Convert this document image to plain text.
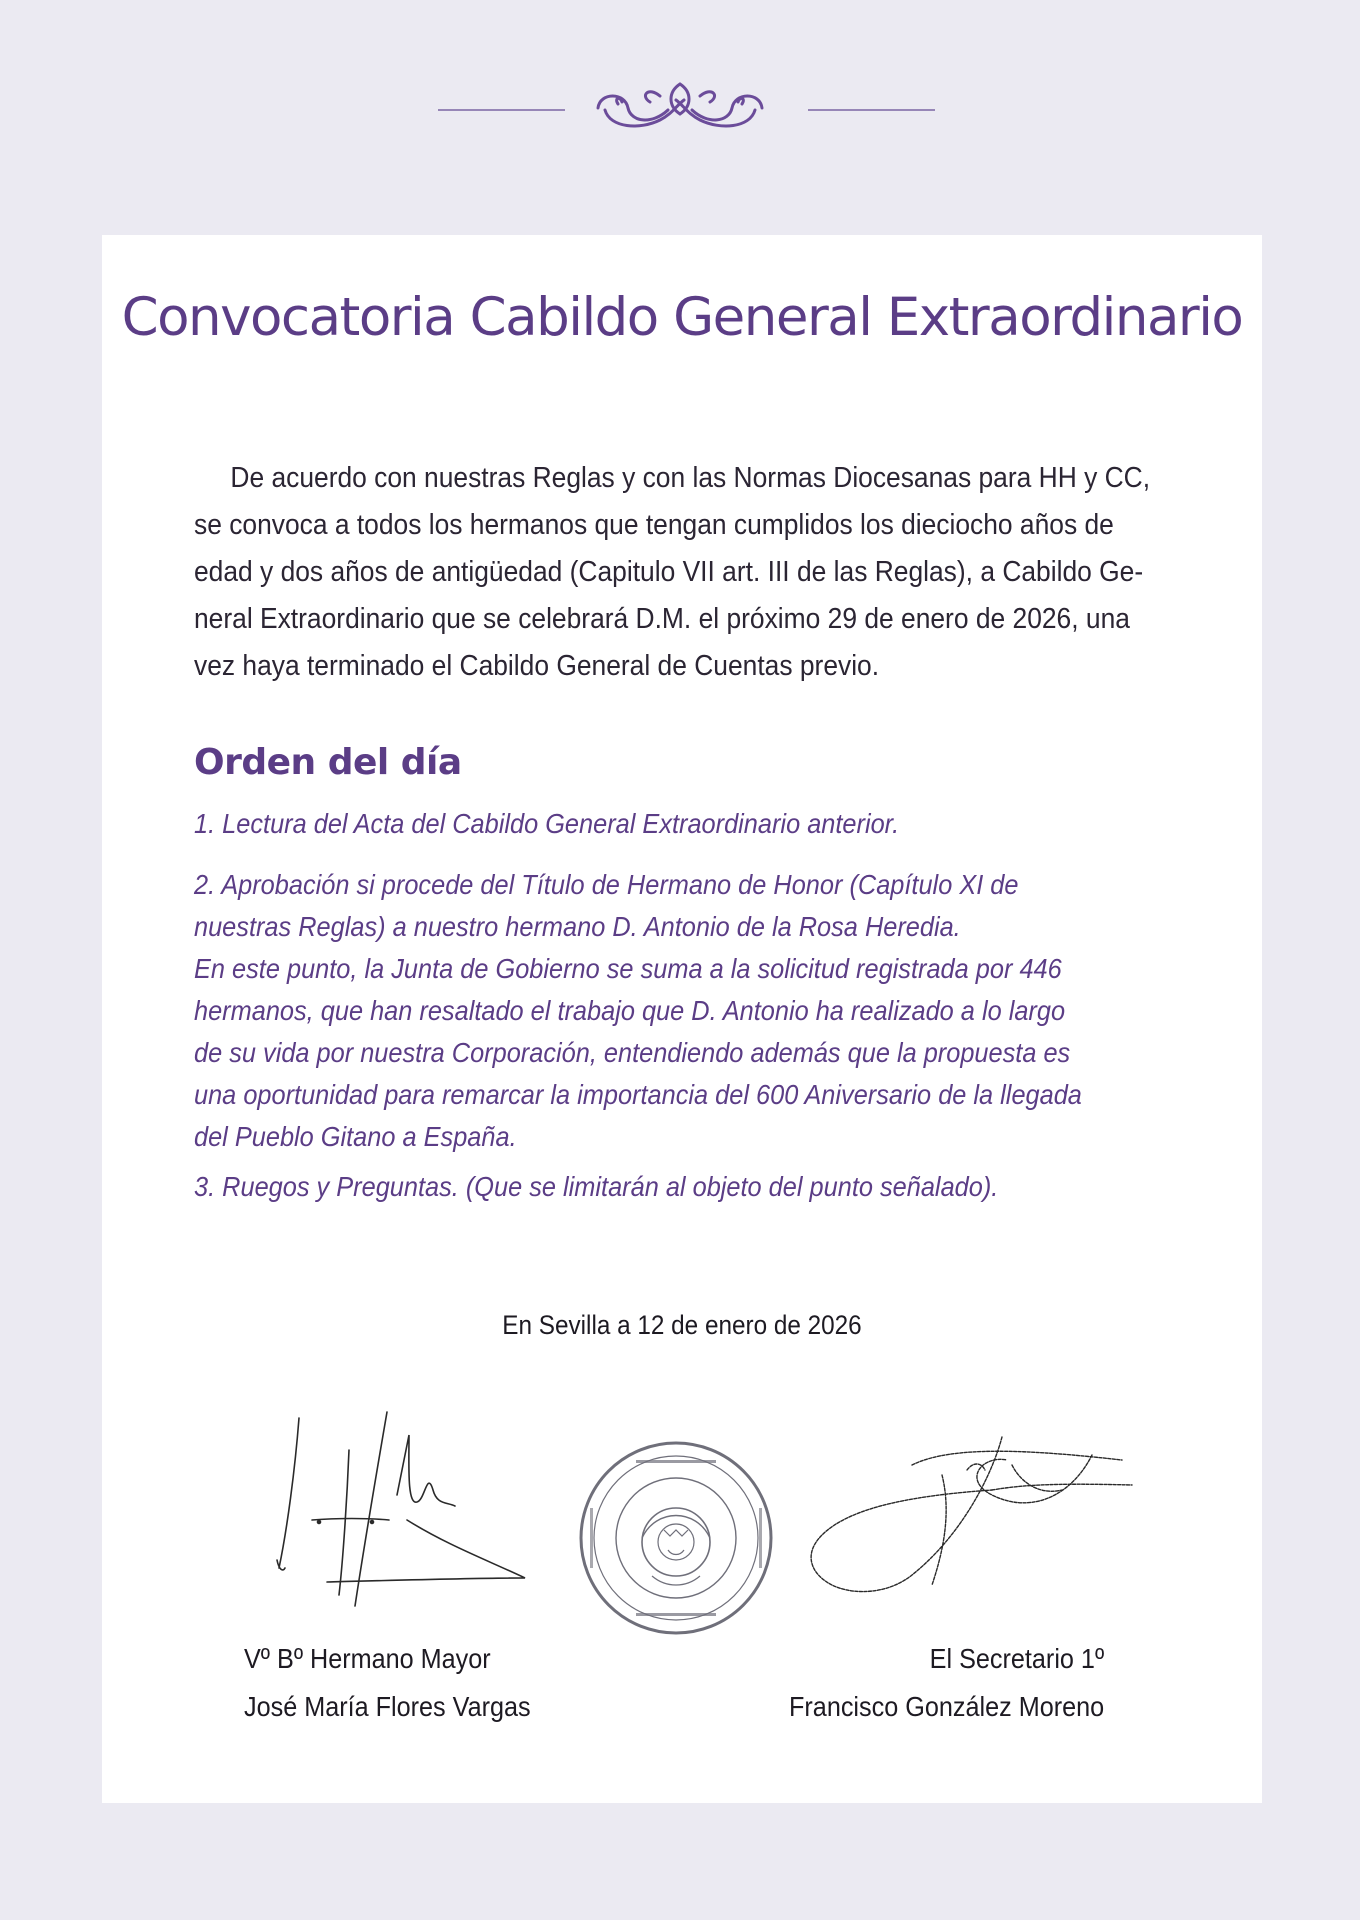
Convocatoria Cabildo General Extraordinario

De acuerdo con nuestras Reglas y con las Normas Diocesanas para HH y CC,
se convoca a todos los hermanos que tengan cumplidos los dieciocho años de
edad y dos años de antigüedad (Capitulo VII art. III de las Reglas), a Cabildo Ge-
neral Extraordinario que se celebrará D.M. el próximo 29 de enero de 2026, una
vez haya terminado el Cabildo General de Cuentas previo.

Orden del día

1. Lectura del Acta del Cabildo General Extraordinario anterior.

2. Aprobación si procede del Título de Hermano de Honor (Capítulo XI de
nuestras Reglas) a nuestro hermano D. Antonio de la Rosa Heredia.
En este punto, la Junta de Gobierno se suma a la solicitud registrada por 446
hermanos, que han resaltado el trabajo que D. Antonio ha realizado a lo largo
de su vida por nuestra Corporación, entendiendo además que la propuesta es
una oportunidad para remarcar la importancia del 600 Aniversario de la llegada
del Pueblo Gitano a España.

3. Ruegos y Preguntas. (Que se limitarán al objeto del punto señalado).

En Sevilla a 12 de enero de 2026
Vº Bº Hermano Mayor
José María Flores Vargas
El Secretario 1º
Francisco González Moreno
